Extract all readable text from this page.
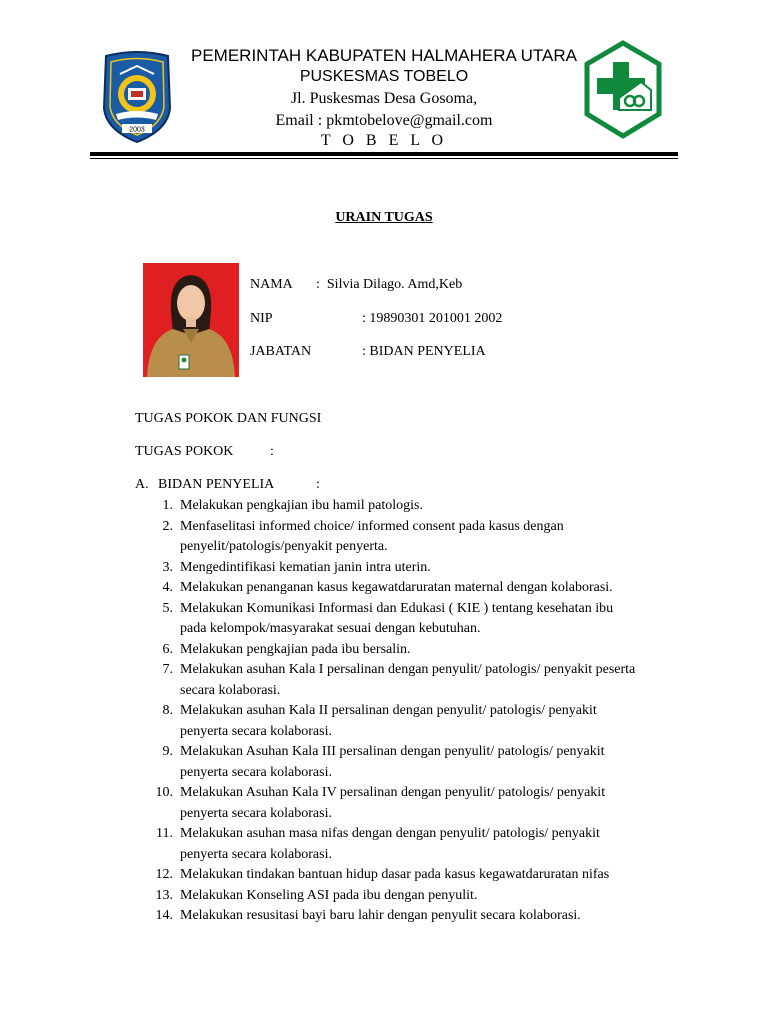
2003
PEMERINTAH KABUPATEN HALMAHERA UTARA
PUSKESMAS TOBELO
Jl. Puskesmas Desa Gosoma,
Email : pkmtobelove@gmail.com
T O B E L O
URAIN TUGAS
NAMA :  Silvia Dilago. Amd,Keb
NIP	: 19890301 201001 2002
JABATAN	: BIDAN PENYELIA
TUGAS POKOK DAN FUNGSI
TUGAS POKOK	:
A. BIDAN PENYELIA	:
1. Melakukan pengkajian ibu hamil patologis.
2. Menfaselitasi informed choice/ informed consent pada kasus dengan
penyelit/patologis/penyakit penyerta.
3. Mengedintifikasi kematian janin intra uterin.
4. Melakukan penanganan kasus kegawatdaruratan maternal dengan kolaborasi.
5. Melakukan Komunikasi Informasi dan Edukasi ( KIE ) tentang kesehatan ibu
pada kelompok/masyarakat sesuai dengan kebutuhan.
6. Melakukan pengkajian pada ibu bersalin.
7. Melakukan asuhan Kala I persalinan dengan penyulit/ patologis/ penyakit peserta
secara kolaborasi.
8. Melakukan asuhan Kala II persalinan dengan penyulit/ patologis/ penyakit
penyerta secara kolaborasi.
9. Melakukan Asuhan Kala III persalinan dengan penyulit/ patologis/ penyakit
penyerta secara kolaborasi.
10. Melakukan Asuhan Kala IV persalinan dengan penyulit/ patologis/ penyakit
penyerta secara kolaborasi.
11. Melakukan asuhan masa nifas dengan dengan penyulit/ patologis/ penyakit
penyerta secara kolaborasi.
12. Melakukan tindakan bantuan hidup dasar pada kasus kegawatdaruratan nifas
13. Melakukan Konseling ASI pada ibu dengan penyulit.
14. Melakukan resusitasi bayi baru lahir dengan penyulit secara kolaborasi.
